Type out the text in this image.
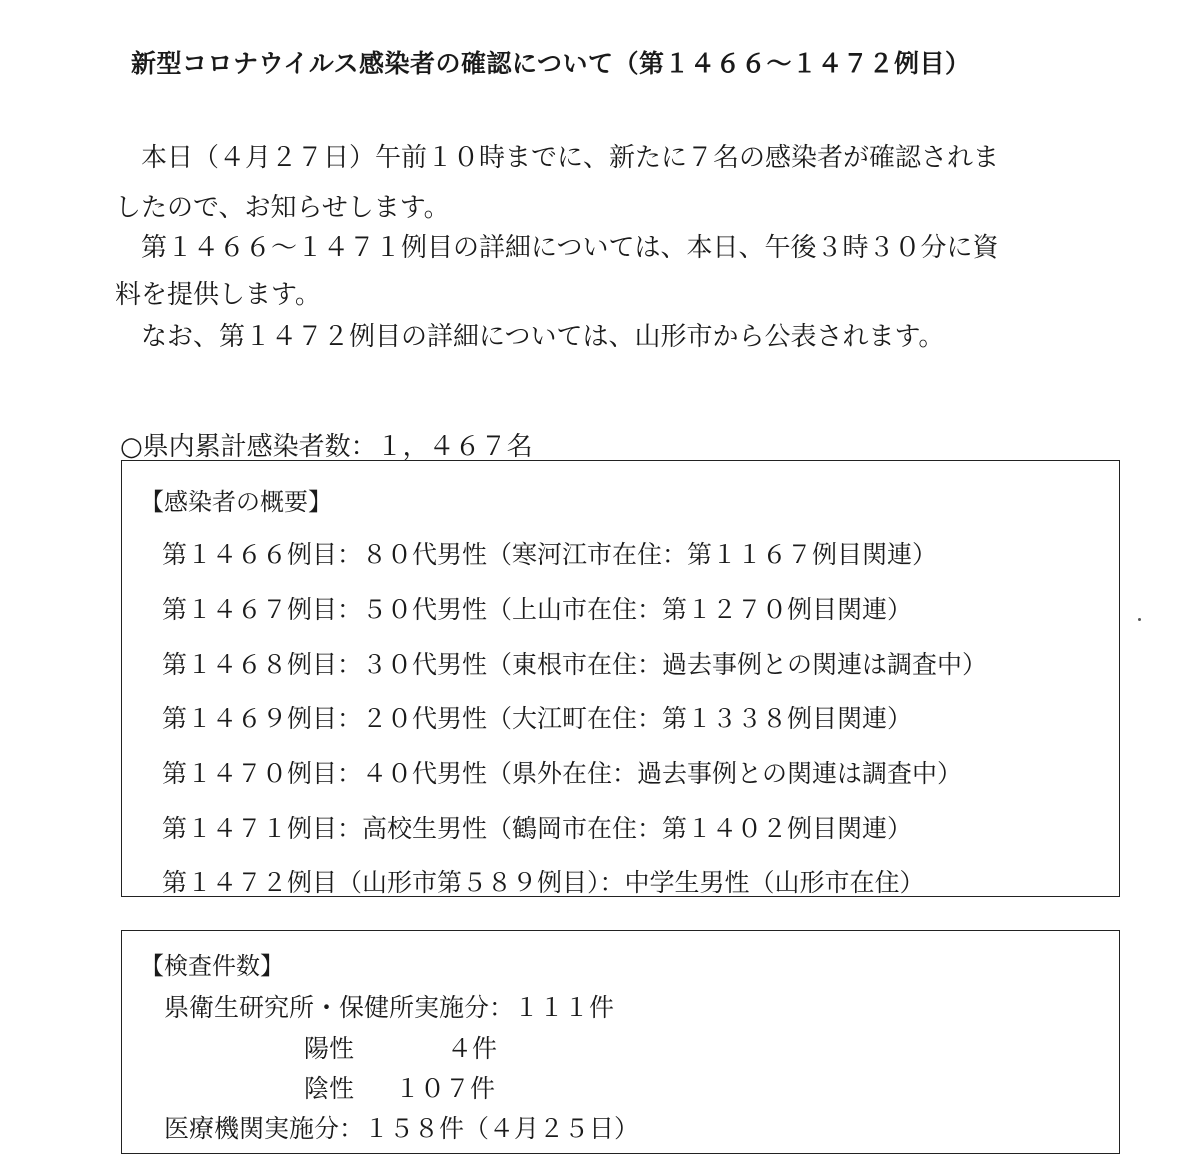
新型コロナウイルス感染者の確認について（第１４６６～１４７２例目）
　本日（４月２７日）午前１０時までに、新たに７名の感染者が確認されま
したので、お知らせします。
　第１４６６～１４７１例目の詳細については、本日、午後３時３０分に資
料を提供します。
　なお、第１４７２例目の詳細については、山形市から公表されます。
○県内累計感染者数：１，４６７名
【感染者の概要】
第１４６６例目：８０代男性（寒河江市在住：第１１６７例目関連）
第１４６７例目：５０代男性（上山市在住：第１２７０例目関連）
第１４６８例目：３０代男性（東根市在住：過去事例との関連は調査中）
第１４６９例目：２０代男性（大江町在住：第１３３８例目関連）
第１４７０例目：４０代男性（県外在住：過去事例との関連は調査中）
第１４７１例目：高校生男性（鶴岡市在住：第１４０２例目関連）
第１４７２例目（山形市第５８９例目）：中学生男性（山形市在住）
【検査件数】
県衛生研究所・保健所実施分：１１１件
陽性	４件
陰性 １０７件
医療機関実施分：１５８件（４月２５日）
